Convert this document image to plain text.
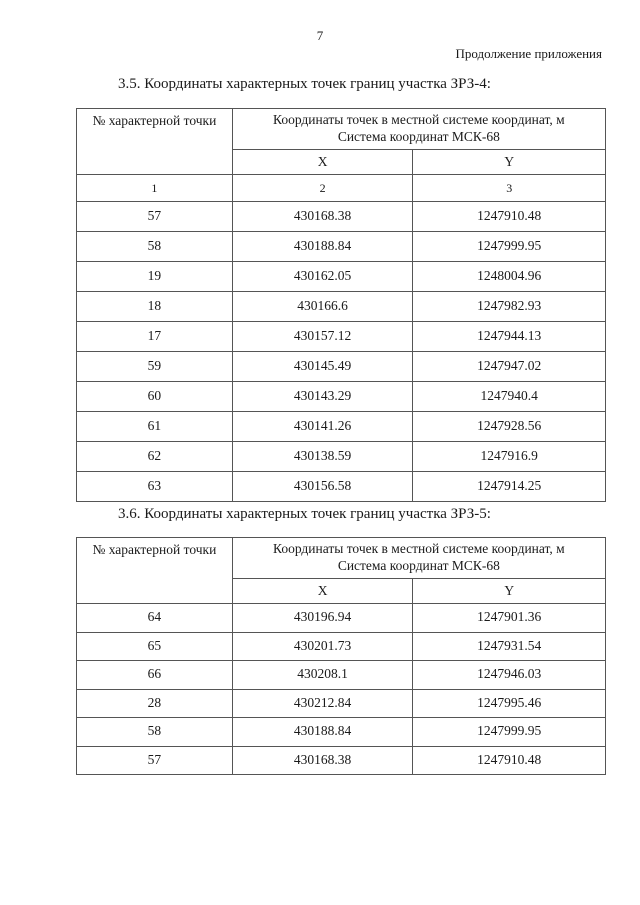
7
Продолжение приложения
3.5. Координаты характерных точек границ участка ЗРЗ-4:
№ характерной точки	Координаты точек в местной системе координат, м
Система координат МСК-68	
	X	Y
1	2	3
57	430168.38	1247910.48
58	430188.84	1247999.95
19	430162.05	1248004.96
18	430166.6	1247982.93
17	430157.12	1247944.13
59	430145.49	1247947.02
60	430143.29	1247940.4
61	430141.26	1247928.56
62	430138.59	1247916.9
63	430156.58	1247914.25
3.6. Координаты характерных точек границ участка ЗРЗ-5:
№ характерной точки	Координаты точек в местной системе координат, м
Система координат МСК-68	
	X	Y
64	430196.94	1247901.36
65	430201.73	1247931.54
66	430208.1	1247946.03
28	430212.84	1247995.46
58	430188.84	1247999.95
57	430168.38	1247910.48
